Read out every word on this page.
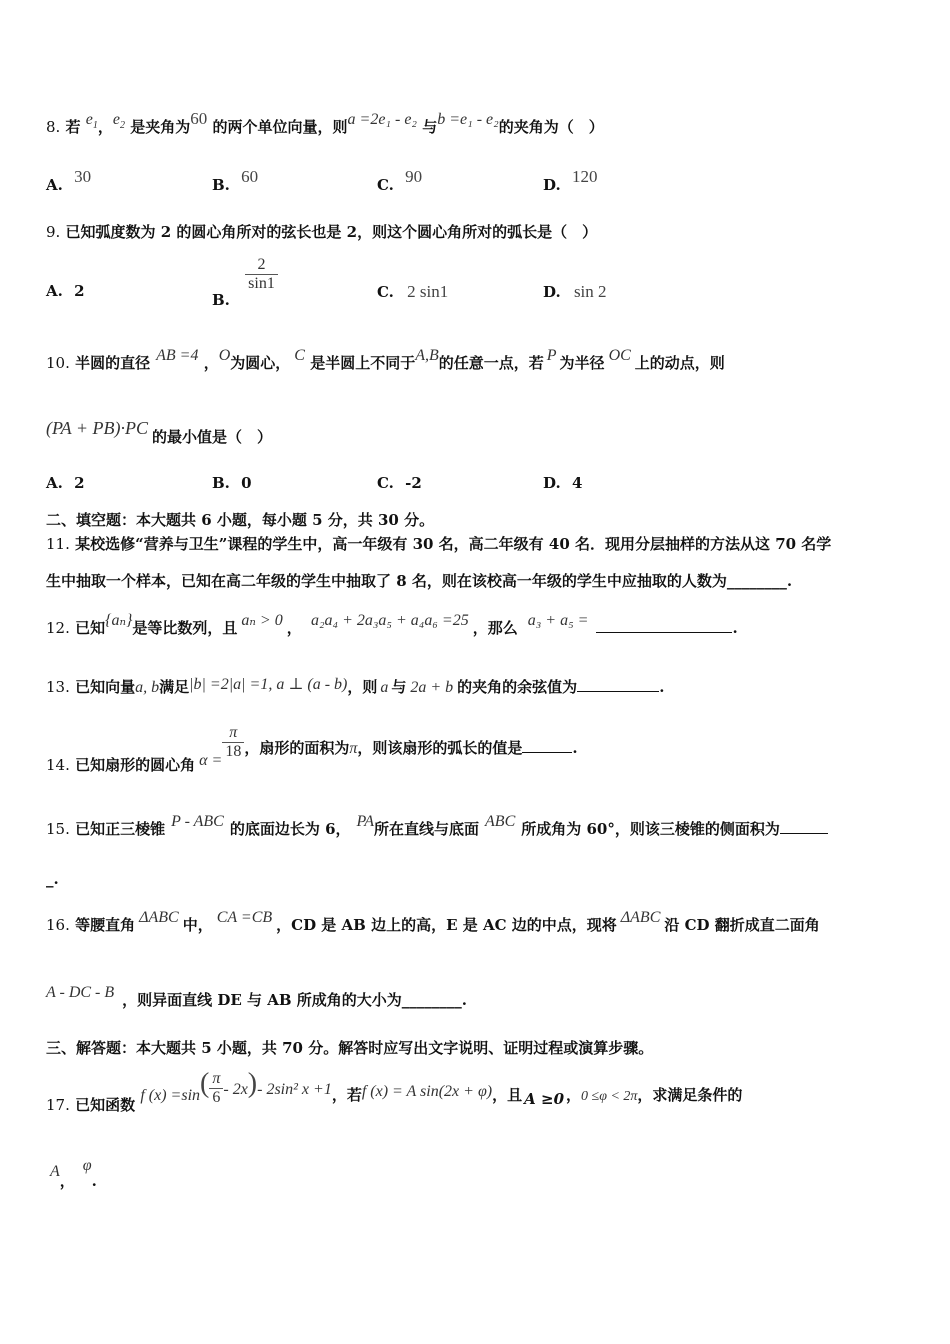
8. 若 $e_1$，$e_2$ 是夹角为60 的两个单位向量，则a =2e₁ - e₂ 与b =e₁ - e₂的夹角为（　）
A. 30	B. 60	C. 90	D. 120
9. 已知弧度数为 2 的圆心角所对的弦长也是 2，则这个圆心角所对的弧长是（　）
A. 2	B.
$\frac{2}{\sin 1}$	C. 2 sin1	D. sin 2
10. 半圆的直径 AB =4 ，O为圆心， C 是半圆上不同于A,B的任意一点，若 P 为半径 OC 上的动点，则
(PA + PB)·PC 的最小值是（　）
A. 2	B. 0	C. -2	D. 4
二、填空题：本大题共 6 小题，每小题 5 分，共 30 分。
11. 某校选修“营养与卫生”课程的学生中，高一年级有 30 名，高二年级有 40 名．现用分层抽样的方法从这 70 名学
生中抽取一个样本，已知在高二年级的学生中抽取了 8 名，则在该校高一年级的学生中应抽取的人数为________.
12. 已知{aₙ}是等比数列，且 aₙ > 0 ， a₂a₄ + 2a₃a₅ + a₄a₆ =25 ，那么 a₃ + a₅ =	.
13. 已知向量a, b满足|b| =2|a| =1, a ⊥ (a - b)，则 a 与 2a + b 的夹角的余弦值为	.
14. 已知扇形的圆心角 $\alpha = \frac{\pi}{18}$ ，扇形的面积为π，则该扇形的弧长的值是	.
15. 已知正三棱锥 P - ABC 的底面边长为 6， PA所在直线与底面 ABC 所成角为 60°，则该三棱锥的侧面积为
_.
16. 等腰直角 ΔABC 中， CA =CB ，CD 是 AB 边上的高，E 是 AC 边的中点，现将 ΔABC 沿 CD 翻折成直二面角
A - DC - B ，则异面直线 DE 与 AB 所成角的大小为________.
三、解答题：本大题共 5 小题，共 70 分。解答时应写出文字说明、证明过程或演算步骤。
17. 已知函数 f $(x) =\sin( \frac{\pi}{6} - 2x)-$ 2sin² x +1，若f (x) = A sin(2x + φ)，且 A ≥0 ，0 ≤φ < 2π，求满足条件的
A，φ.
